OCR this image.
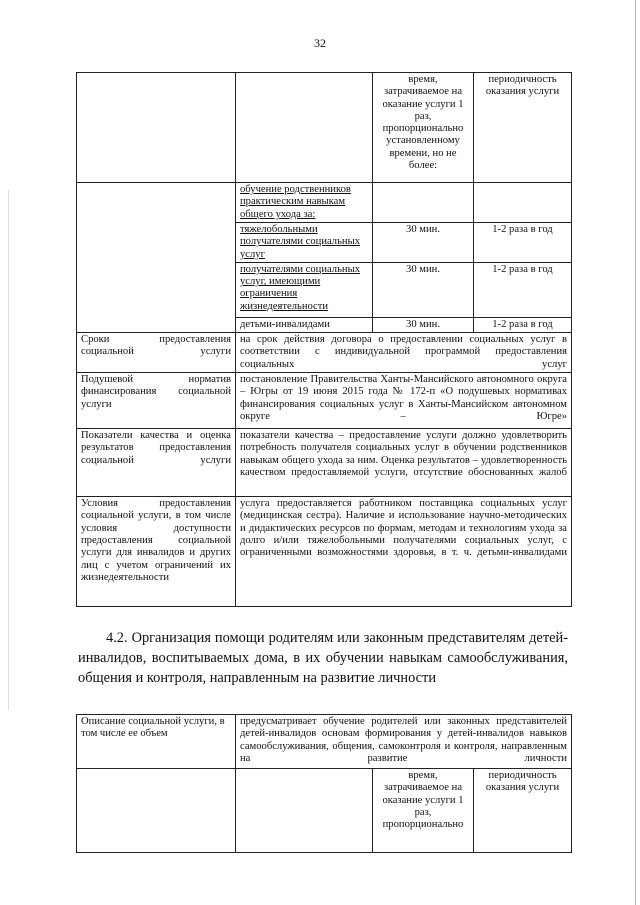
32
		время, затрачиваемое на оказание услуги 1 раз, пропорционально установленному времени, но не более:	периодичность оказания услуги
	обучение родственников практическим навыкам общего ухода за:		
	тяжелобольными получателями социальных услуг	30 мин.	1-2 раза в год
	получателями социальных услуг, имеющими ограничения жизнедеятельности	30 мин.	1-2 раза в год
	детьми-инвалидами	30 мин.	1-2 раза в год
Сроки предоставления социальной услуги	на срок действия договора о предоставлении социальных услуг в соответствии с индивидуальной программой предоставления социальных услуг		
Подушевой норматив финансирования социальной услуги	постановление Правительства Ханты-Мансийского автономного округа – Югры от 19 июня 2015 года № 172-п «О подушевых нормативах финансирования социальных услуг в Ханты-Мансийском автономном округе – Югре»		
Показатели качества и оценка результатов предоставления социальной услуги	показатели качества – предоставление услуги должно удовлетворить потребность получателя социальных услуг в обучении родственников навыкам общего ухода за ним. Оценка результатов – удовлетворенность качеством предоставляемой услуги, отсутствие обоснованных жалоб		
Условия предоставления социальной услуги, в том числе условия доступности предоставления социальной услуги для инвалидов и других лиц с учетом ограничений их жизнедеятельности	услуга предоставляется работником поставщика социальных услуг (медицинская сестра). Наличие и использование научно-методических и дидактических ресурсов по формам, методам и технологиям ухода за долго и/или тяжелобольными получателями социальных услуг, с ограниченными возможностями здоровья, в т. ч. детьми-инвалидами		
4.2. Организация помощи родителям или законным представителям детей-инвалидов, воспитываемых дома, в их обучении навыкам самообслуживания, общения и контроля, направленным на развитие личности
Описание социальной услуги, в том числе ее объем	предусматривает обучение родителей или законных представителей детей-инвалидов основам формирования у детей-инвалидов навыков самообслуживания, общения, самоконтроля и контроля, направленным на развитие личности		
		время, затрачиваемое на оказание услуги 1 раз, пропорционально	периодичность оказания услуги
